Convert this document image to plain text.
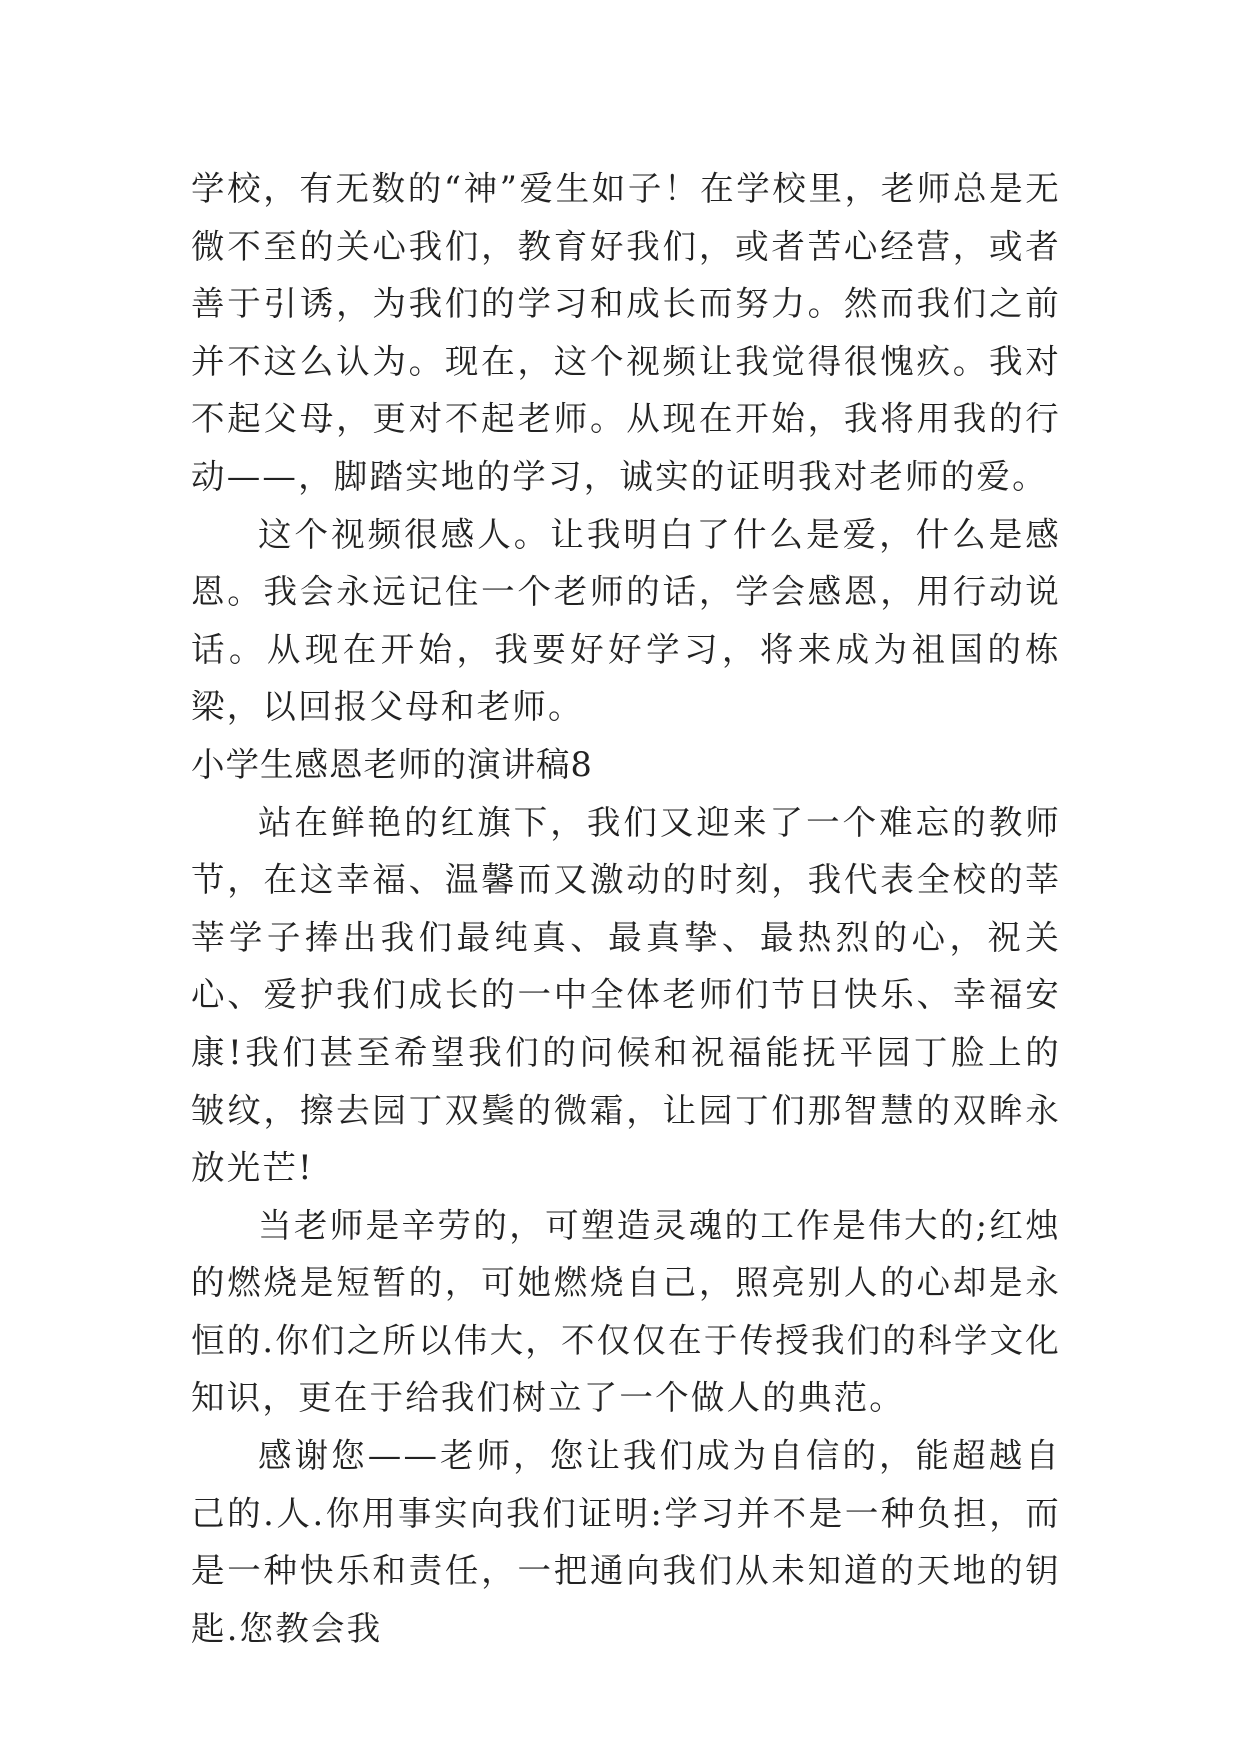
学校，有无数的“神”爱生如子！在学校里，老师总是无微不至的关心我们，教育好我们，或者苦心经营，或者善于引诱，为我们的学习和成长而努力。然而我们之前并不这么认为。现在，这个视频让我觉得很愧疚。我对不起父母，更对不起老师。从现在开始，我将用我的行动——，脚踏实地的学习，诚实的证明我对老师的爱。

这个视频很感人。让我明白了什么是爱，什么是感恩。我会永远记住一个老师的话，学会感恩，用行动说话。从现在开始，我要好好学习，将来成为祖国的栋梁，以回报父母和老师。

小学生感恩老师的演讲稿8

站在鲜艳的红旗下，我们又迎来了一个难忘的教师节，在这幸福、温馨而又激动的时刻，我代表全校的莘莘学子捧出我们最纯真、最真挚、最热烈的心，祝关心、爱护我们成长的一中全体老师们节日快乐、幸福安康!我们甚至希望我们的问候和祝福能抚平园丁脸上的皱纹，擦去园丁双鬓的微霜，让园丁们那智慧的双眸永放光芒!

当老师是辛劳的，可塑造灵魂的工作是伟大的;红烛的燃烧是短暂的，可她燃烧自己，照亮别人的心却是永恒的.你们之所以伟大，不仅仅在于传授我们的科学文化知识，更在于给我们树立了一个做人的典范。

感谢您——老师，您让我们成为自信的，能超越自己的.人.你用事实向我们证明:学习并不是一种负担，而是一种快乐和责任，一把通向我们从未知道的天地的钥匙.您教会我
